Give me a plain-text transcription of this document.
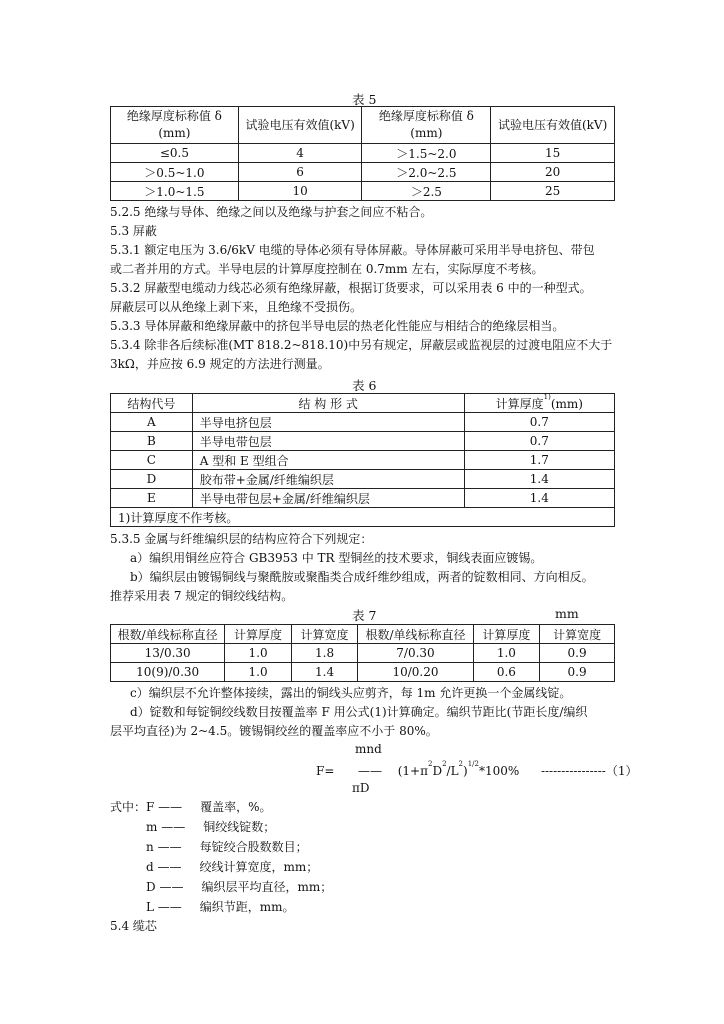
表 5
绝缘厚度标称值 δ
(mm)	试验电压有效值(kV)	绝缘厚度标称值 δ
(mm)	试验电压有效值(kV)
≤0.5	4	＞1.5~2.0	15
＞0.5~1.0	6	＞2.0~2.5	20
＞1.0~1.5	10	＞2.5	25
5.2.5 绝缘与导体、绝缘之间以及绝缘与护套之间应不粘合。
5.3 屏蔽
5.3.1 额定电压为 3.6/6kV 电缆的导体必须有导体屏蔽。导体屏蔽可采用半导电挤包、带包
或二者并用的方式。半导电层的计算厚度控制在 0.7mm 左右，实际厚度不考核。
5.3.2 屏蔽型电缆动力线芯必须有绝缘屏蔽，根据订货要求，可以采用表 6 中的一种型式。
屏蔽层可以从绝缘上剥下来，且绝缘不受损伤。
5.3.3 导体屏蔽和绝缘屏蔽中的挤包半导电层的热老化性能应与相结合的绝缘层相当。
5.3.4 除非各后续标准(MT 818.2~818.10)中另有规定，屏蔽层或监视层的过渡电阻应不大于
3kΩ，并应按 6.9 规定的方法进行测量。
表 6
结构代号	结 构 形 式	计算厚度$^{1)}$(mm)
A	半导电挤包层	0.7
B	半导电带包层	0.7
C	A 型和 E 型组合	1.7
D	胶布带+金属/纤维编织层	1.4
E	半导电带包层+金属/纤维编织层	1.4
1)计算厚度不作考核。		
5.3.5 金属与纤维编织层的结构应符合下列规定：
a）编织用铜丝应符合 GB3953 中 TR 型铜丝的技术要求，铜线表面应镀锡。
b）编织层由镀锡铜线与聚酰胺或聚酯类合成纤维纱组成，两者的锭数相同、方向相反。
推荐采用表 7 规定的铜绞线结构。
表 7	mm
根数/单线标称直径	计算厚度	计算宽度	根数/单线标称直径	计算厚度	计算宽度
13/0.30	1.0	1.8	7/0.30	1.0	0.9
10(9)/0.30	1.0	1.4	10/0.20	0.6	0.9
c）编织层不允许整体接续，露出的铜线头应剪齐，每 1m 允许更换一个金属线锭。
d）锭数和每锭铜绞线数目按覆盖率 F 用公式(1)计算确定。编织节距比(节距长度/编织
层平均直径)为 2~4.5。镀锡铜绞丝的覆盖率应不小于 80%。
mnd
F= —— $(1+\pi^2D^2/L^2)^{1/2}*100\%$ ----------------（1）
πD
式中：F —— 覆盖率，%。
m —— 铜绞线锭数；
n —— 每锭绞合股数数目；
d —— 绞线计算宽度，mm；
D —— 编织层平均直径，mm；
L —— 编织节距，mm。
5.4 缆芯
